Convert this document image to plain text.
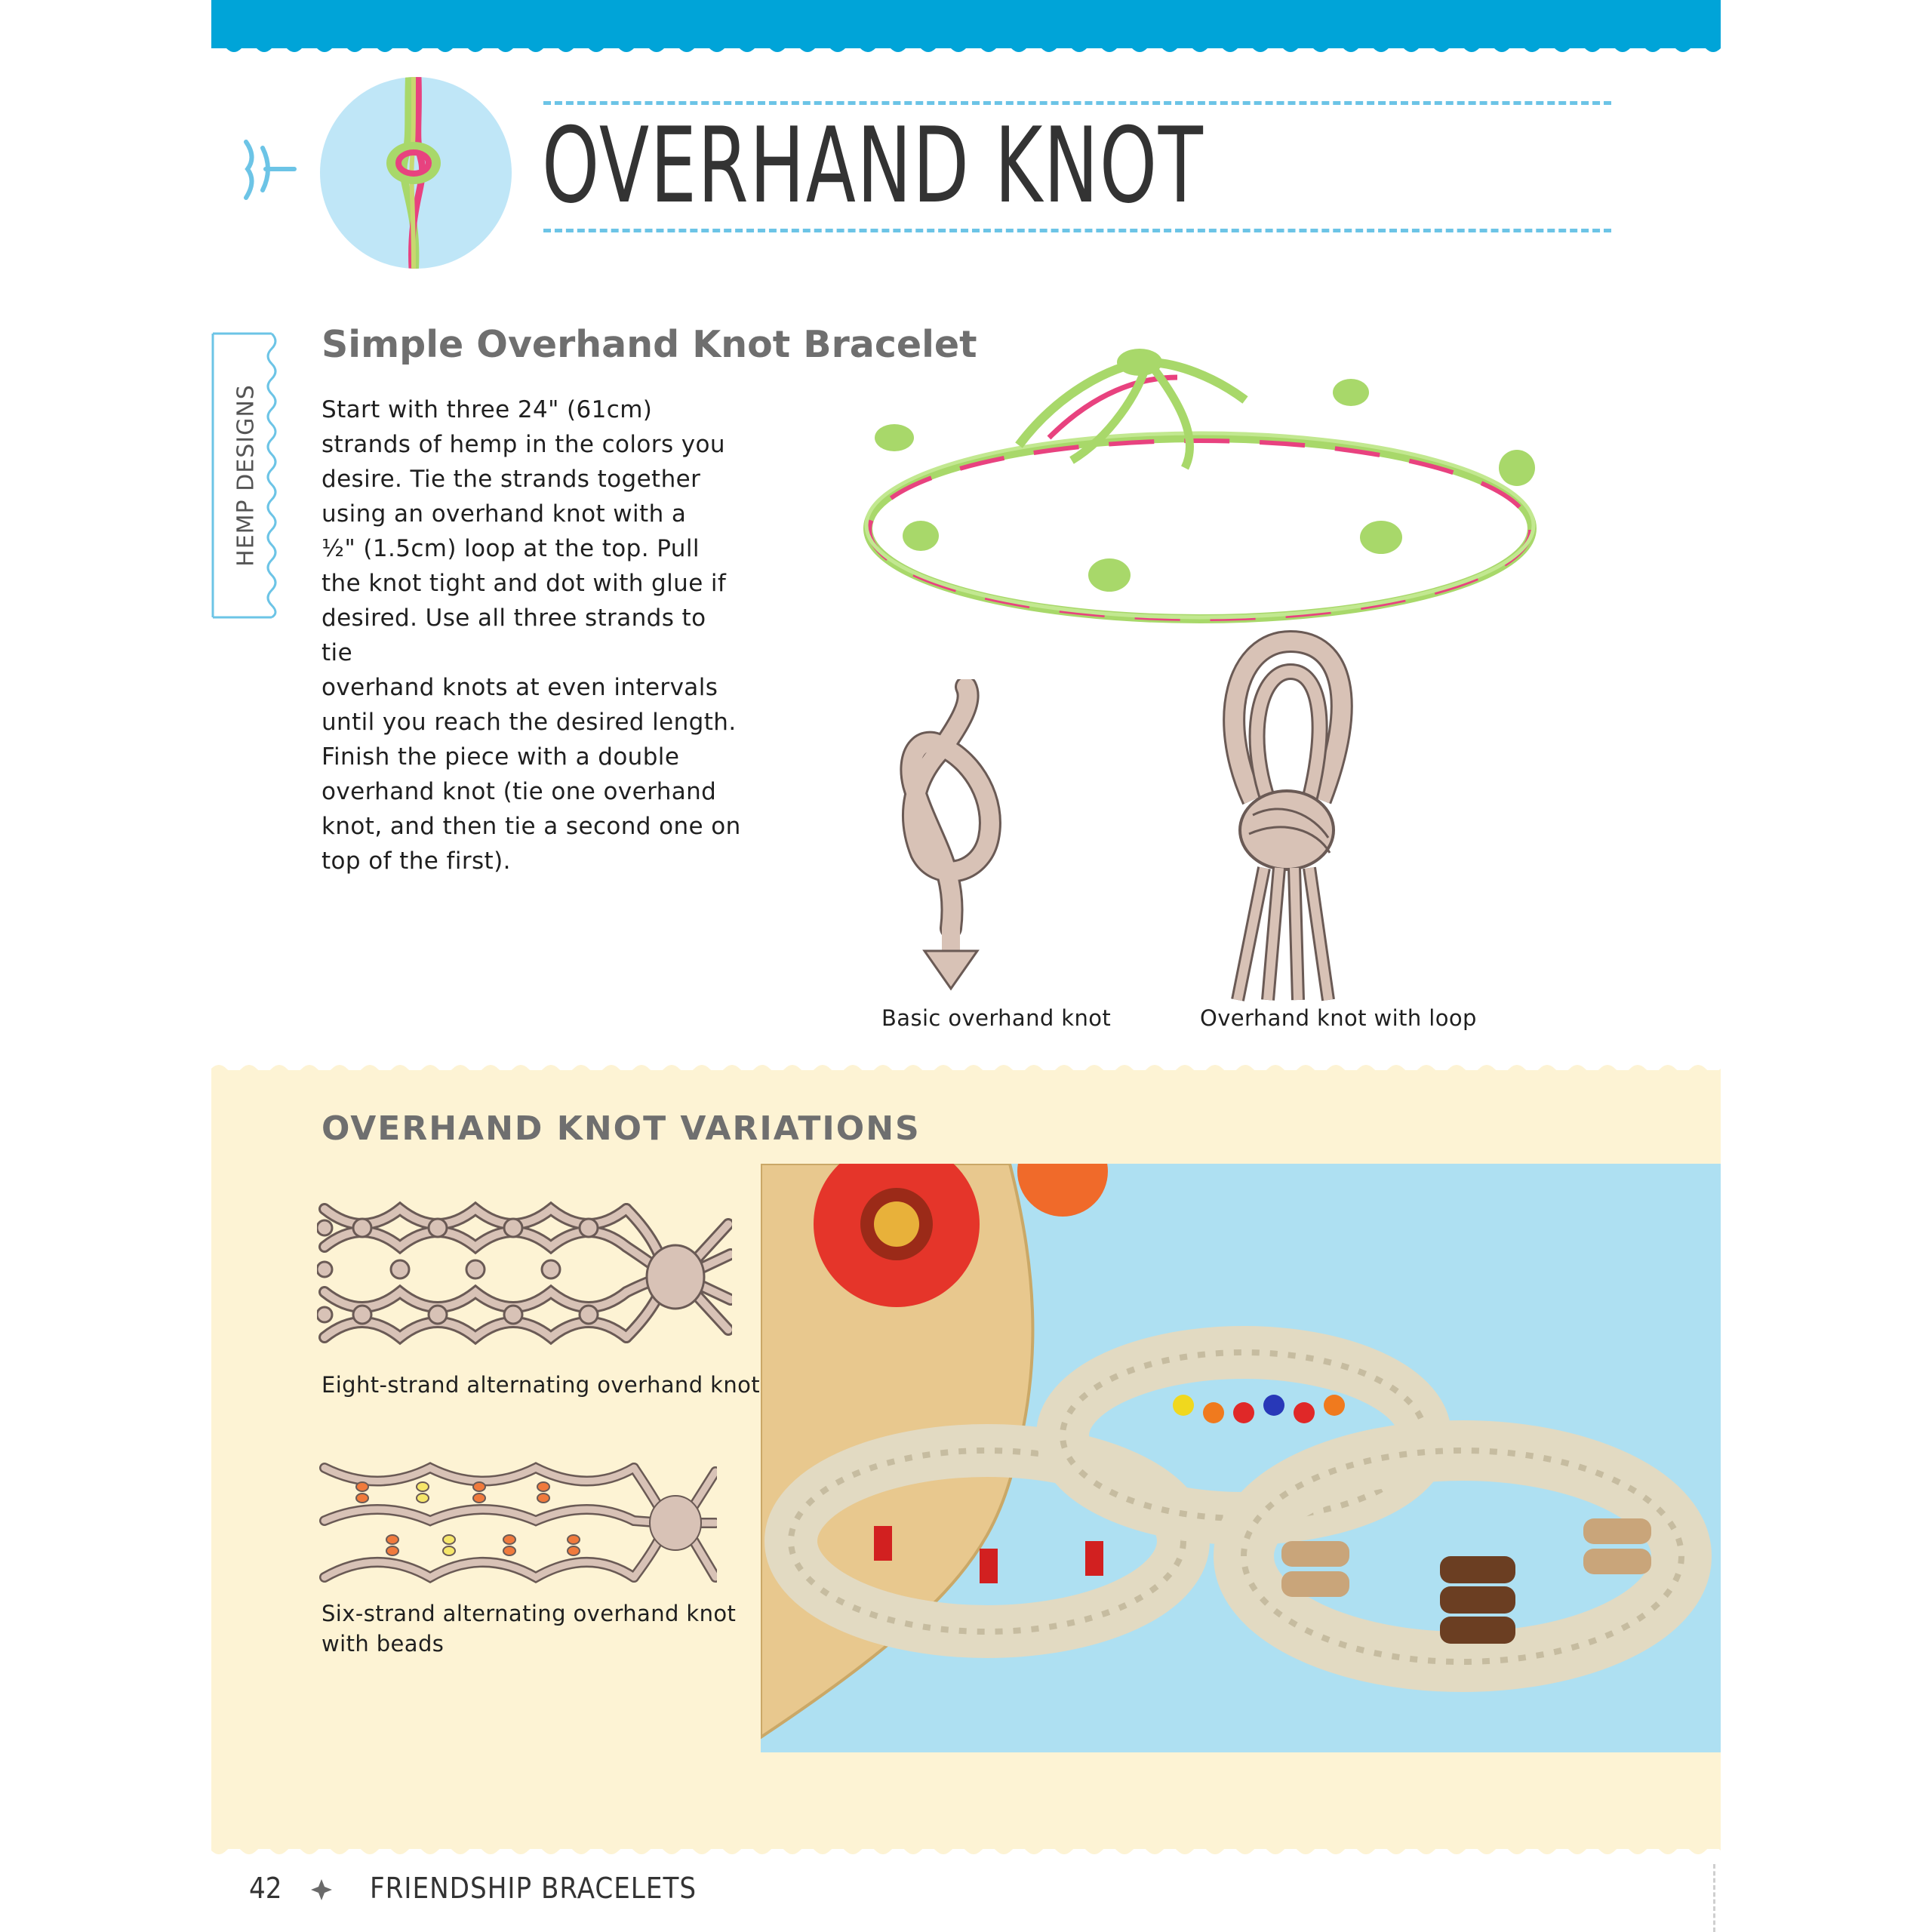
OVERHAND KNOT
HEMP DESIGNS
Simple Overhand Knot Bracelet
Start with three 24" (61cm)
strands of hemp in the colors you
desire. Tie the strands together
using an overhand knot with a
½" (1.5cm) loop at the top. Pull
the knot tight and dot with glue if
desired. Use all three strands to tie
overhand knots at even intervals
until you reach the desired length.
Finish the piece with a double
overhand knot (tie one overhand
knot, and then tie a second one on
top of the first).
Basic overhand knot	Overhand knot with loop
OVERHAND KNOT VARIATIONS
Eight-strand alternating overhand knot
Six-strand alternating overhand knot
with beads
42	FRIENDSHIP BRACELETS
